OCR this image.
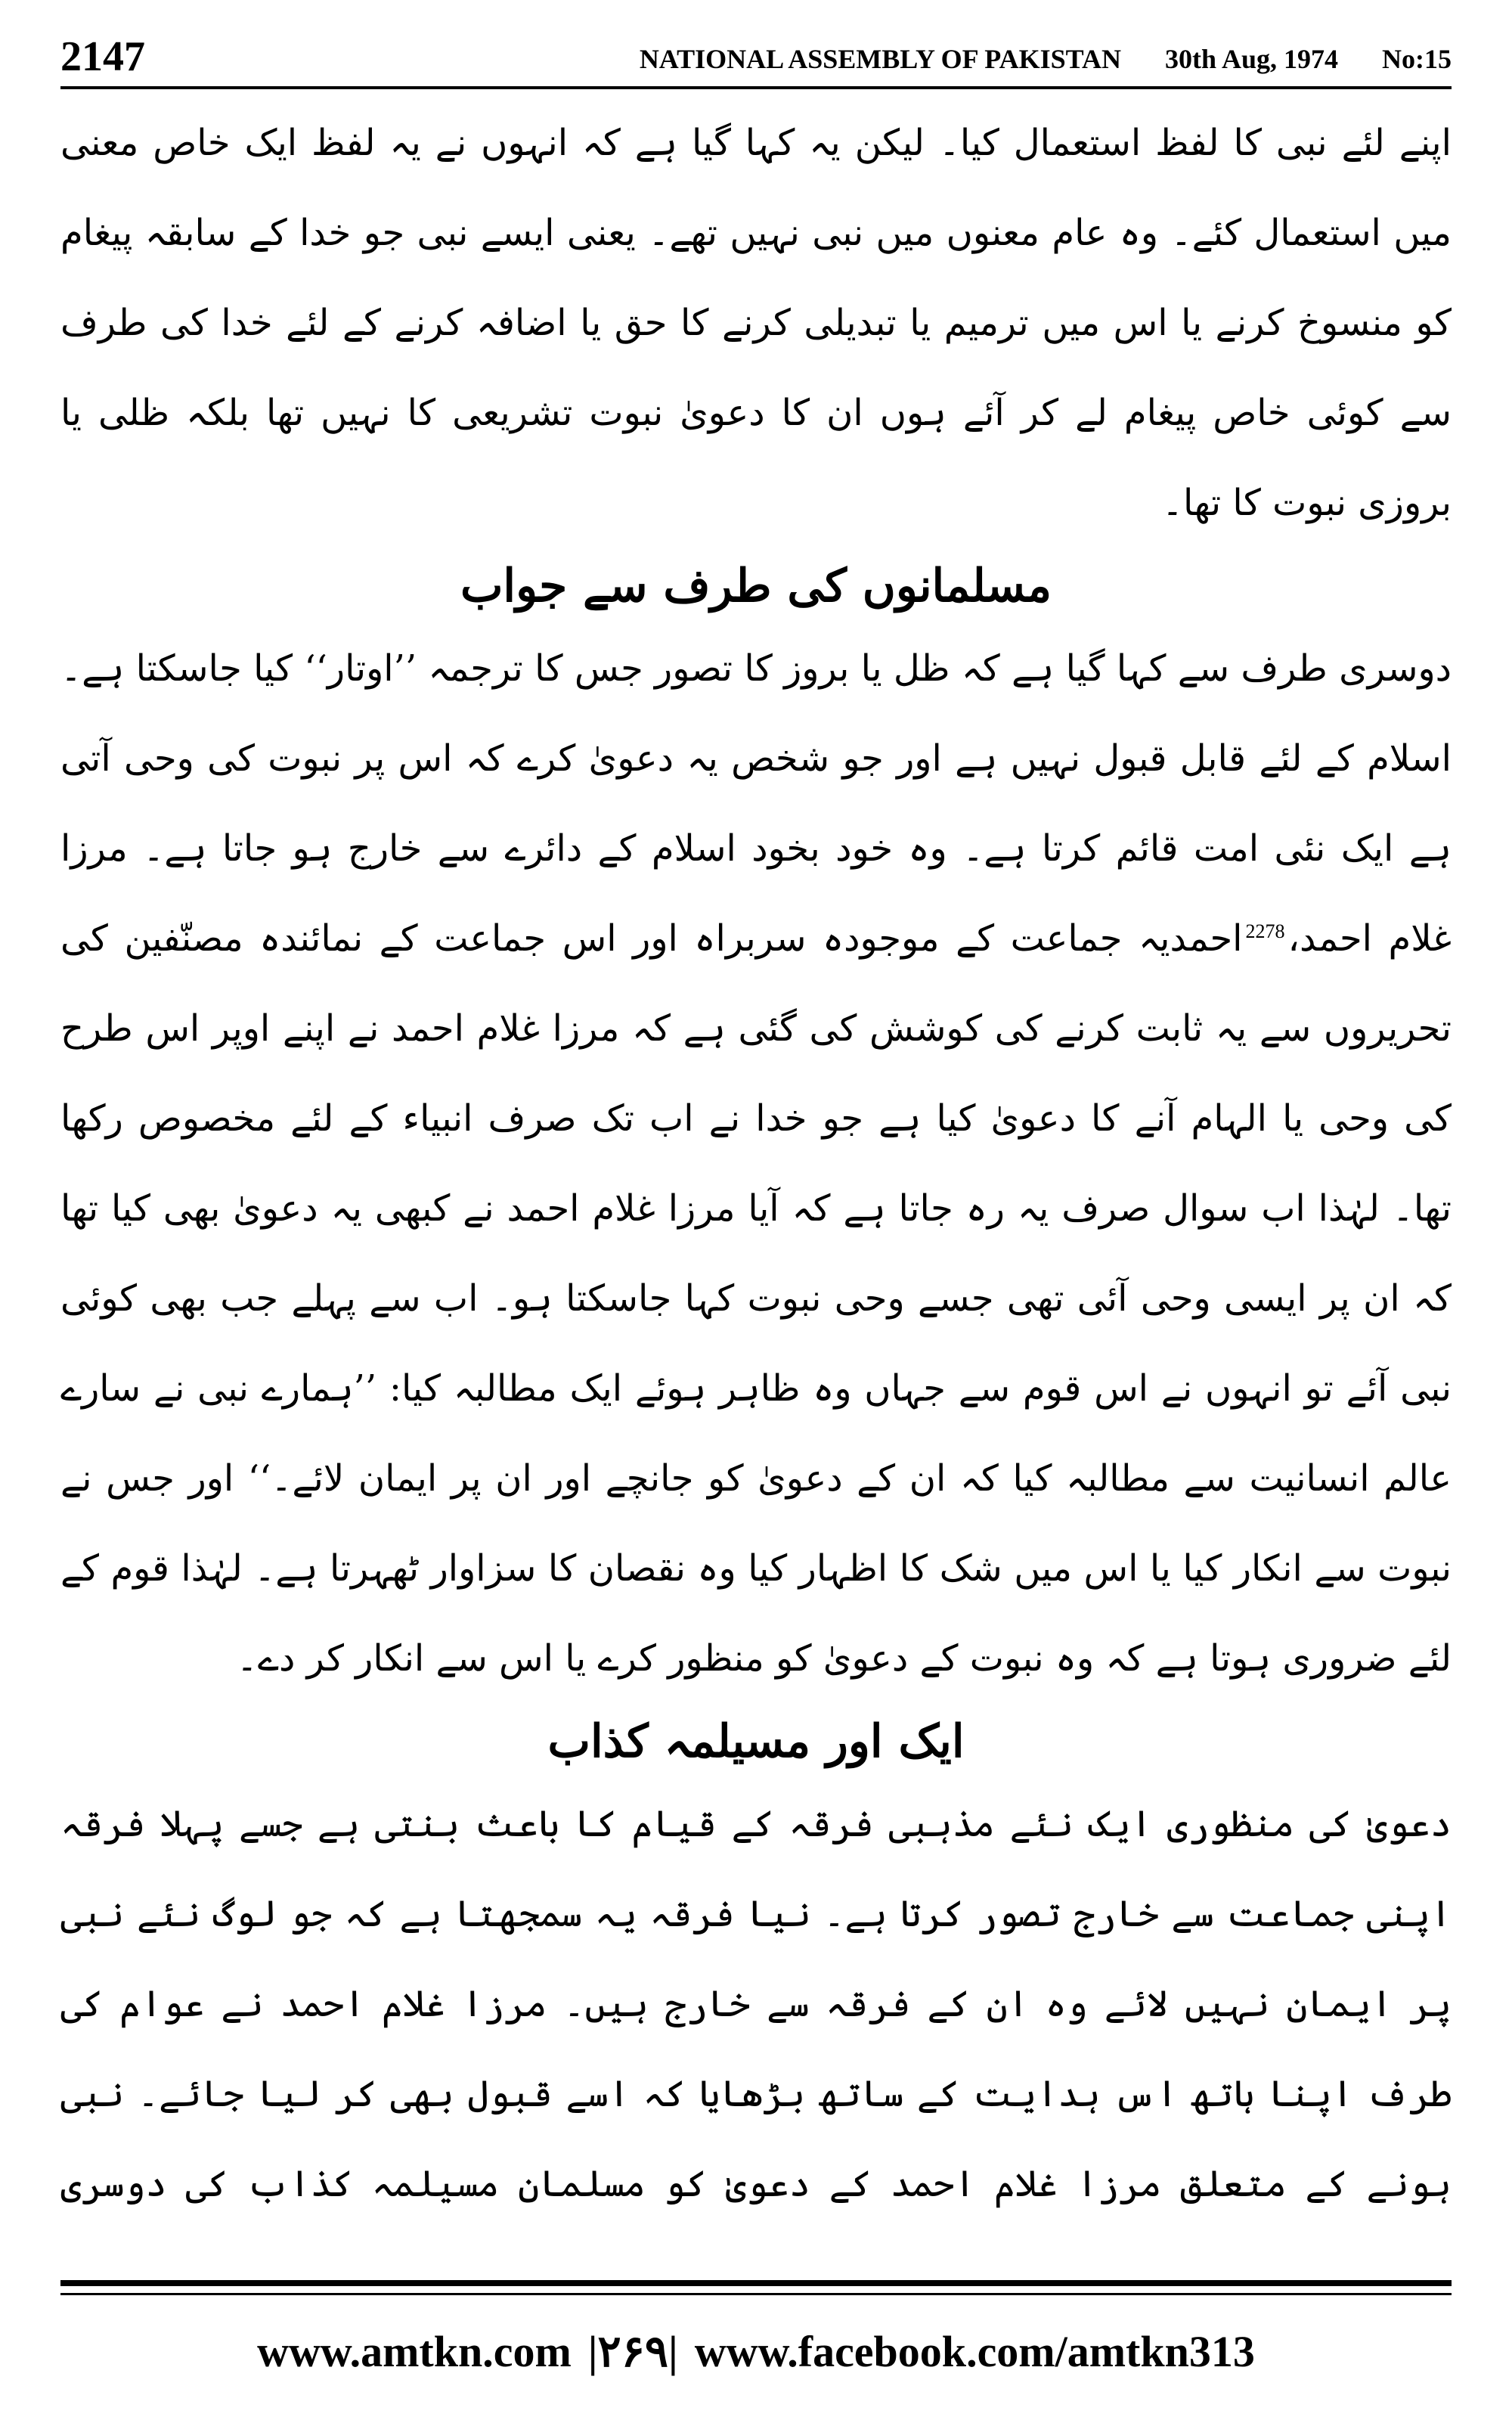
2147	NATIONAL ASSEMBLY OF PAKISTAN 30th Aug, 1974 No:15

اپنے لئے نبی کا لفظ استعمال کیا۔ لیکن یہ کہا گیا ہے کہ انہوں نے یہ لفظ ایک خاص معنی میں استعمال کئے۔ وہ عام معنوں میں نبی نہیں تھے۔ یعنی ایسے نبی جو خدا کے سابقہ پیغام کو منسوخ کرنے یا اس میں ترمیم یا تبدیلی کرنے کا حق یا اضافہ کرنے کے لئے خدا کی طرف سے کوئی خاص پیغام لے کر آئے ہوں ان کا دعویٰ نبوت تشریعی کا نہیں تھا بلکہ ظلی یا بروزی نبوت کا تھا۔

مسلمانوں کی طرف سے جواب

دوسری طرف سے کہا گیا ہے کہ ظل یا بروز کا تصور جس کا ترجمہ ’’اوتار‘‘ کیا جاسکتا ہے۔ اسلام کے لئے قابل قبول نہیں ہے اور جو شخص یہ دعویٰ کرے کہ اس پر نبوت کی وحی آتی ہے ایک نئی امت قائم کرتا ہے۔ وہ خود بخود اسلام کے دائرے سے خارج ہو جاتا ہے۔ مرزا غلام احمد،$^{2278}$احمدیہ جماعت کے موجودہ سربراہ اور اس جماعت کے نمائندہ مصنّفین کی تحریروں سے یہ ثابت کرنے کی کوشش کی گئی ہے کہ مرزا غلام احمد نے اپنے اوپر اس طرح کی وحی یا الہام آنے کا دعویٰ کیا ہے جو خدا نے اب تک صرف انبیاء کے لئے مخصوص رکھا تھا۔ لہٰذا اب سوال صرف یہ رہ جاتا ہے کہ آیا مرزا غلام احمد نے کبھی یہ دعویٰ بھی کیا تھا کہ ان پر ایسی وحی آئی تھی جسے وحی نبوت کہا جاسکتا ہو۔ اب سے پہلے جب بھی کوئی نبی آئے تو انہوں نے اس قوم سے جہاں وہ ظاہر ہوئے ایک مطالبہ کیا: ’’ہمارے نبی نے سارے عالم انسانیت سے مطالبہ کیا کہ ان کے دعویٰ کو جانچے اور ان پر ایمان لائے۔‘‘ اور جس نے نبوت سے انکار کیا یا اس میں شک کا اظہار کیا وہ نقصان کا سزاوار ٹھہرتا ہے۔ لہٰذا قوم کے لئے ضروری ہوتا ہے کہ وہ نبوت کے دعویٰ کو منظور کرے یا اس سے انکار کر دے۔

ایک اور مسیلمہ کذاب

دعویٰ کی منظوری ایک نئے مذہبی فرقہ کے قیام کا باعث بنتی ہے جسے پہلا فرقہ اپنی جماعت سے خارج تصور کرتا ہے۔ نیا فرقہ یہ سمجھتا ہے کہ جو لوگ نئے نبی پر ایمان نہیں لائے وہ ان کے فرقہ سے خارج ہیں۔ مرزا غلام احمد نے عوام کی طرف اپنا ہاتھ اس ہدایت کے ساتھ بڑھایا کہ اسے قبول بھی کر لیا جائے۔ نبی ہونے کے متعلق مرزا غلام احمد کے دعویٰ کو مسلمان مسیلمہ کذاب کی دوسری

www.amtkn.com |۲۶۹| www.facebook.com/amtkn313
